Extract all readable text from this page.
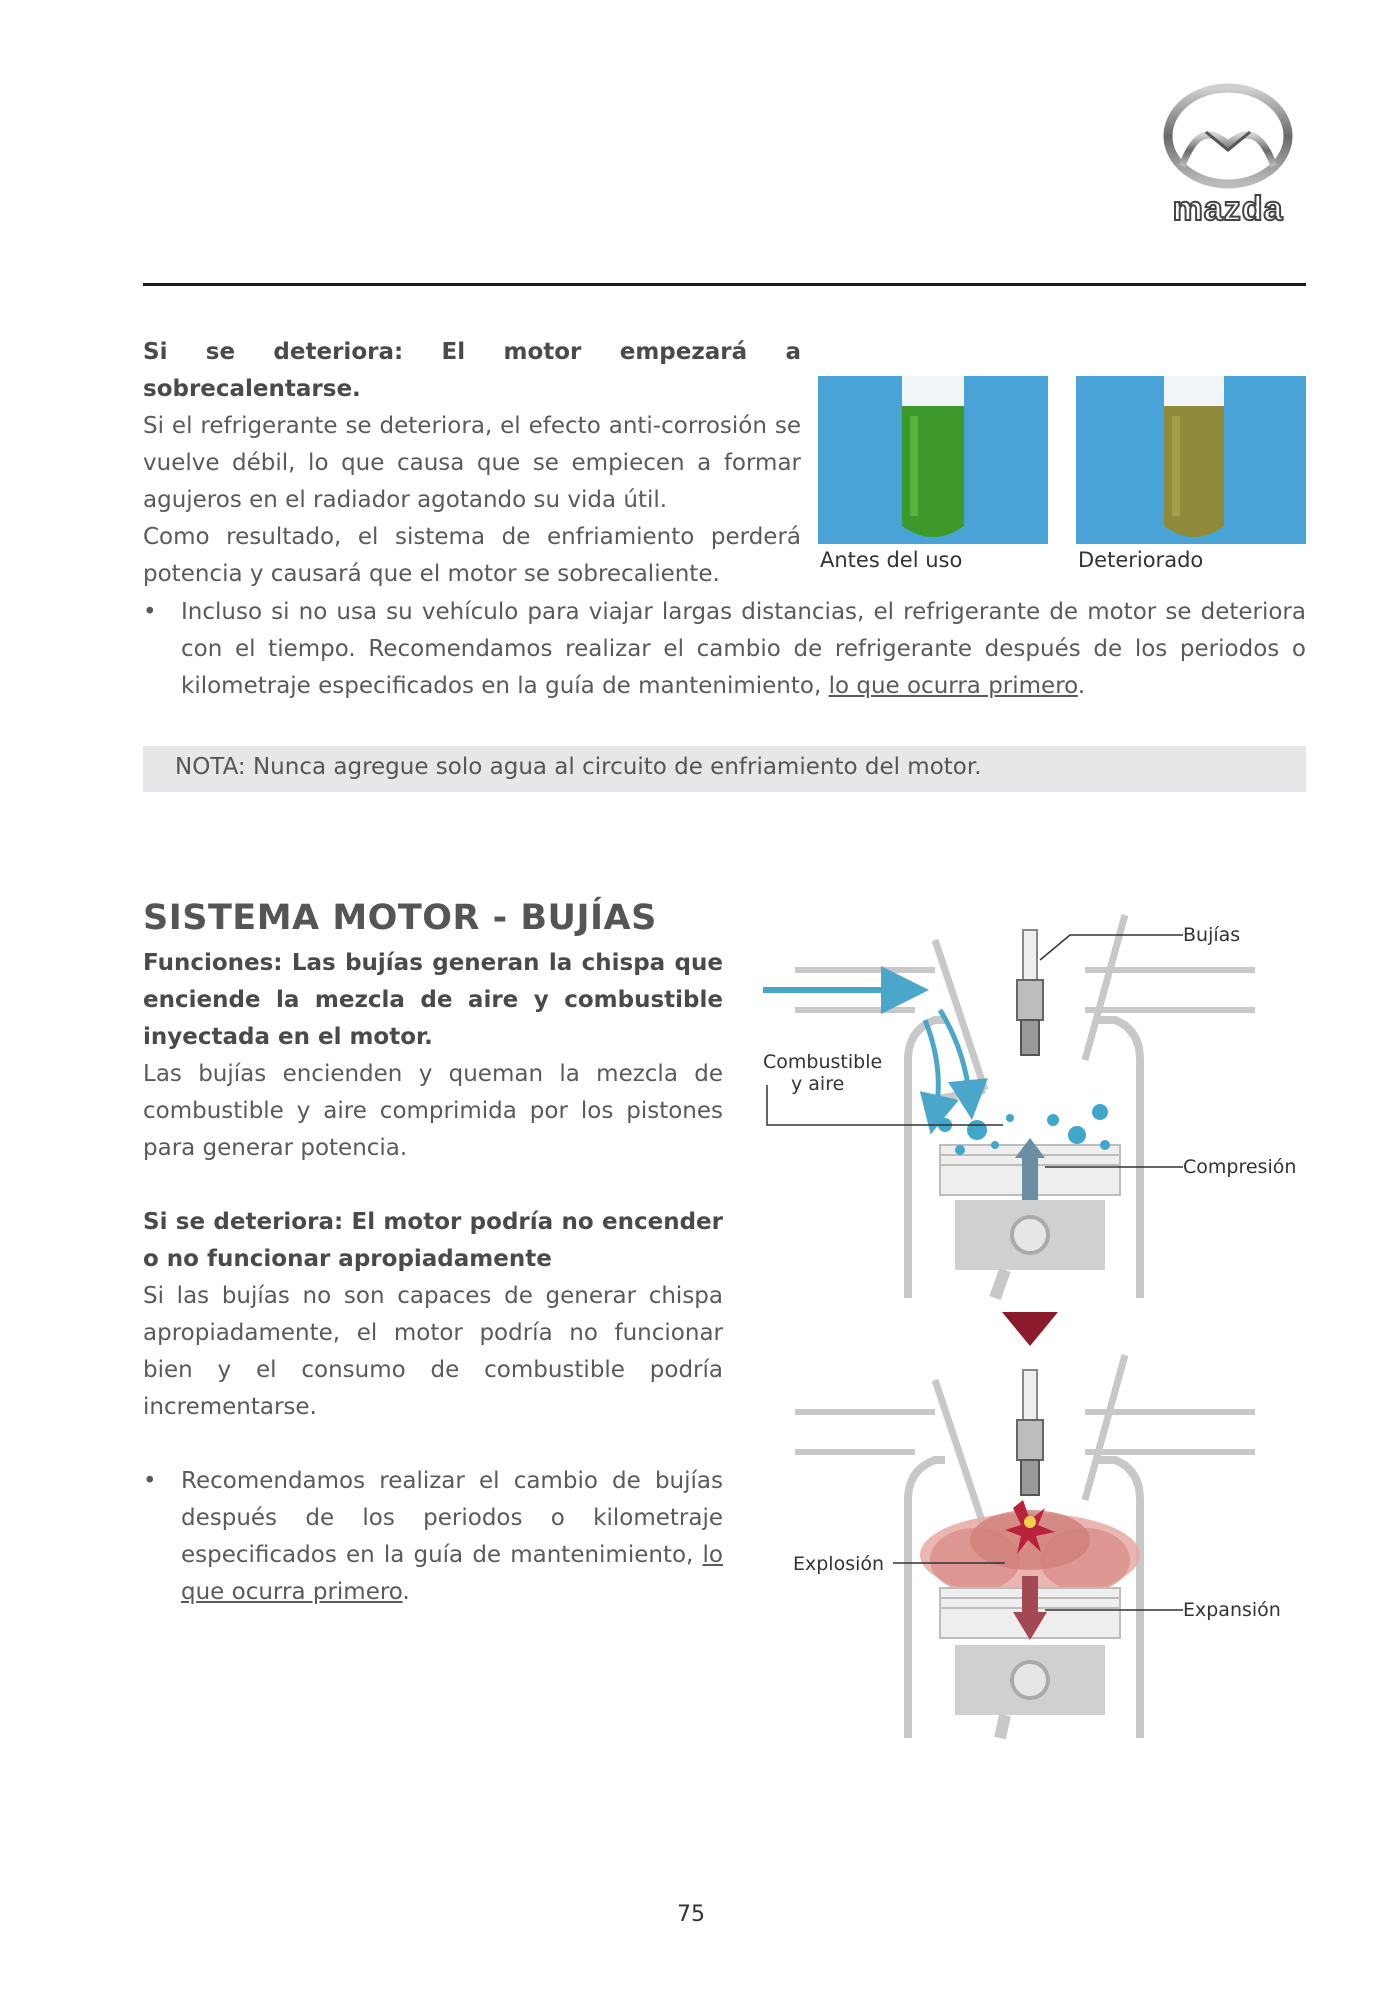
mazda
Si se deteriora: El motor empezará a sobrecalentarse.
Si el refrigerante se deteriora, el efecto anti-corrosión se vuelve débil, lo que causa que se empiecen a formar agujeros en el radiador agotando su vida útil.
Como resultado, el sistema de enfriamiento perderá potencia y causará que el motor se sobrecaliente.
Antes del uso	Deteriorado
•	Incluso si no usa su vehículo para viajar largas distancias, el refrigerante de motor se deteriora con el tiempo. Recomendamos realizar el cambio de refrigerante después de los periodos o kilometraje especificados en la guía de mantenimiento, lo que ocurra primero.
NOTA: Nunca agregue solo agua al circuito de enfriamiento del motor.
SISTEMA MOTOR - BUJÍAS
Funciones: Las bujías generan la chispa que enciende la mezcla de aire y combustible inyectada en el motor.
Las bujías encienden y queman la mezcla de combustible y aire comprimida por los pistones para generar potencia.
Si se deteriora: El motor podría no encender o no funcionar apropiadamente
Si las bujías no son capaces de generar chispa apropiadamente, el motor podría no funcionar bien y el consumo de combustible podría incrementarse.
•	Recomendamos realizar el cambio de bujías después de los periodos o kilometraje especificados en la guía de mantenimiento, lo que ocurra primero.
Bujías
Combustible
y aire
Compresión
Explosión
Expansión
75
